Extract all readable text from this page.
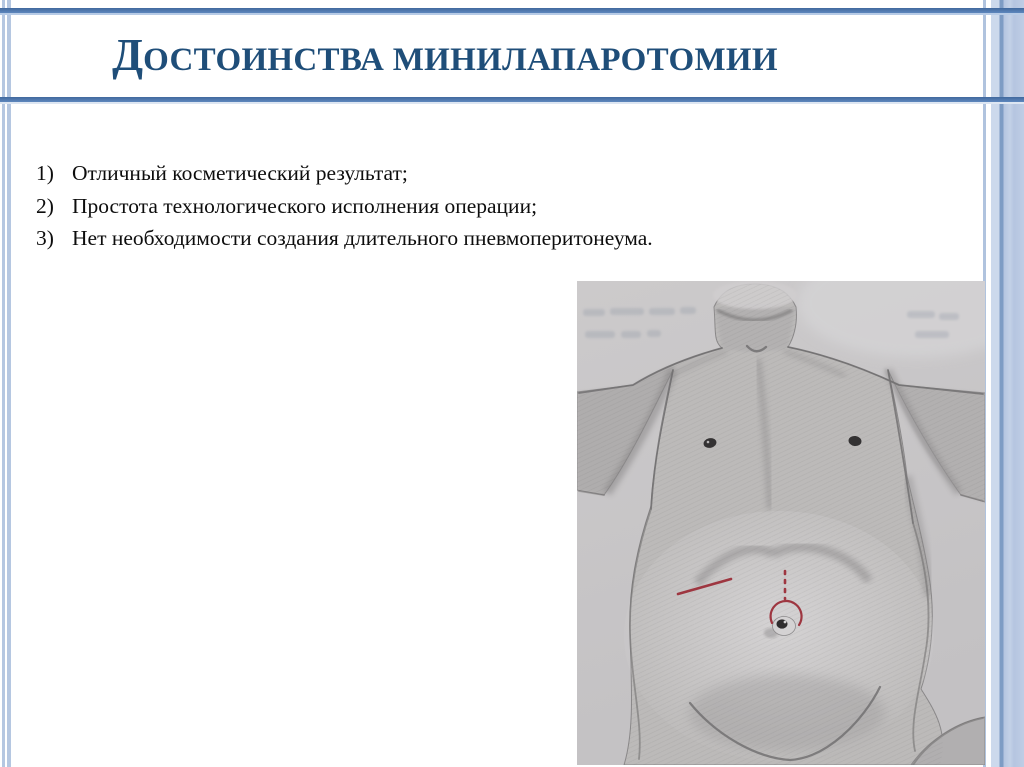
ДОСТОИНСТВА МИНИЛАПАРОТОМИИ
1) Отличный косметический результат;
2) Простота технологического исполнения операции;
3) Нет необходимости создания длительного пневмоперитонеума.
